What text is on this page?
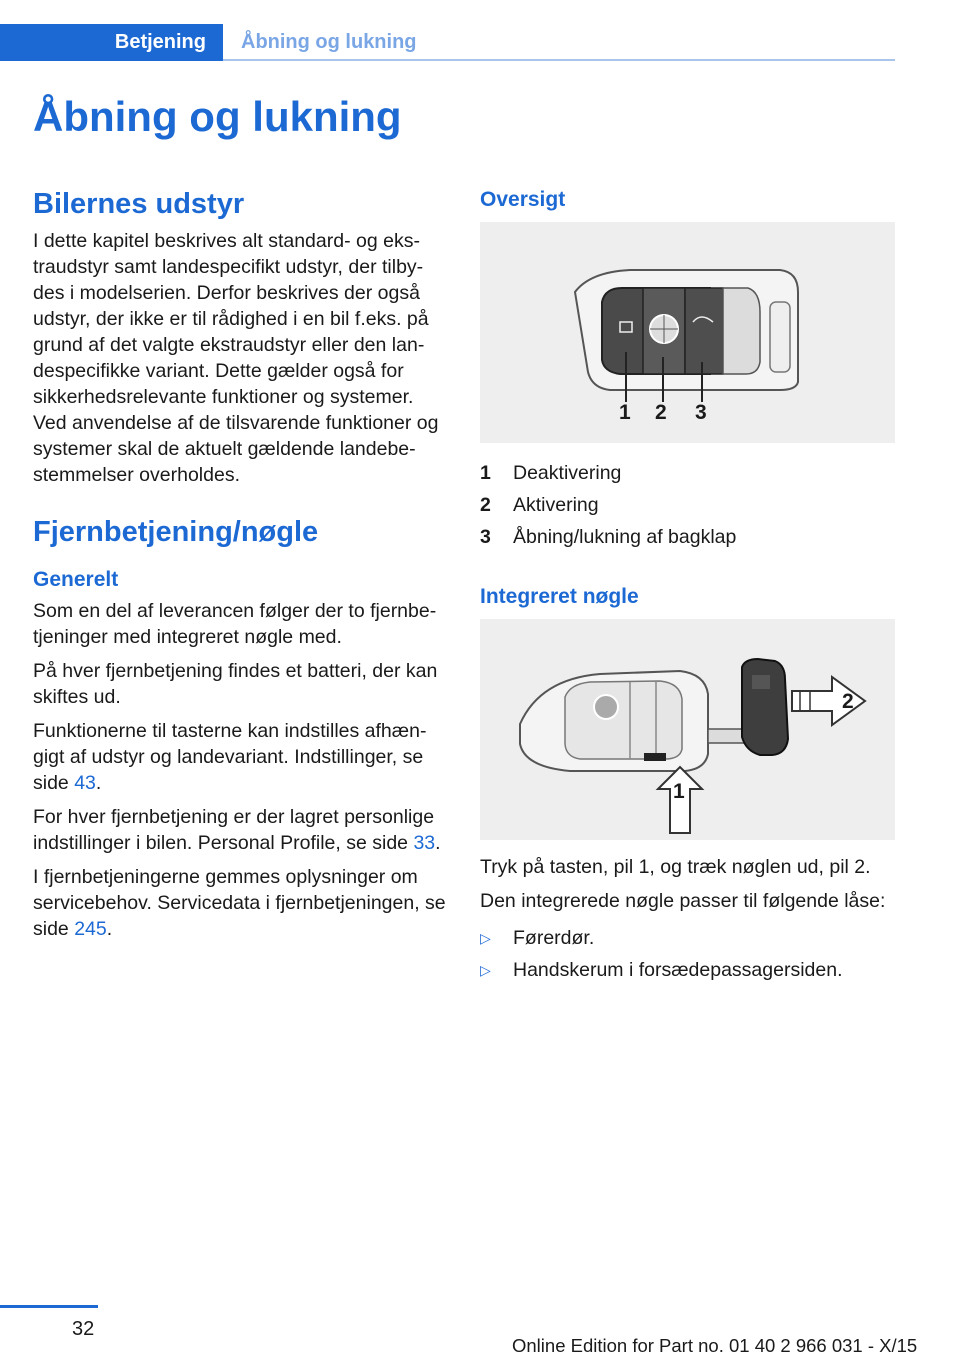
Betjening	Åbning og lukning
Åbning og lukning
Bilernes udstyr

I dette kapitel beskrives alt standard- og ekstraudstyr samt landespecifikt udstyr, der tilbydes i modelserien. Derfor beskrives der også udstyr, der ikke er til rådighed i en bil f.eks. på grund af det valgte ekstraudstyr eller den landespecifikke variant. Dette gælder også for sikkerhedsrelevante funktioner og systemer. Ved anvendelse af de tilsvarende funktioner og systemer skal de aktuelt gældende landebestemmelser overholdes.

Fjernbetjening/nøgle
Generelt

Som en del af leverancen følger der to fjernbetjeninger med integreret nøgle med.

På hver fjernbetjening findes et batteri, der kan skiftes ud.

Funktionerne til tasterne kan indstilles afhængigt af udstyr og landevariant. Indstillinger, se side 43.

For hver fjernbetjening er der lagret personlige indstillinger i bilen. Personal Profile, se side 33.

I fjernbetjeningerne gemmes oplysninger om servicebehov. Servicedata i fjernbetjeningen, se side 245.

Oversigt
1 2 3
1	Deaktivering
2	Aktivering
3	Åbning/lukning af bagklap
Integreret nøgle
1
2

Tryk på tasten, pil 1, og træk nøglen ud, pil 2.

Den integrerede nøgle passer til følgende låse:

▷	Førerdør.
▷	Handskerum i forsædepassagersiden.
32
Online Edition for Part no. 01 40 2 966 031 - X/15
